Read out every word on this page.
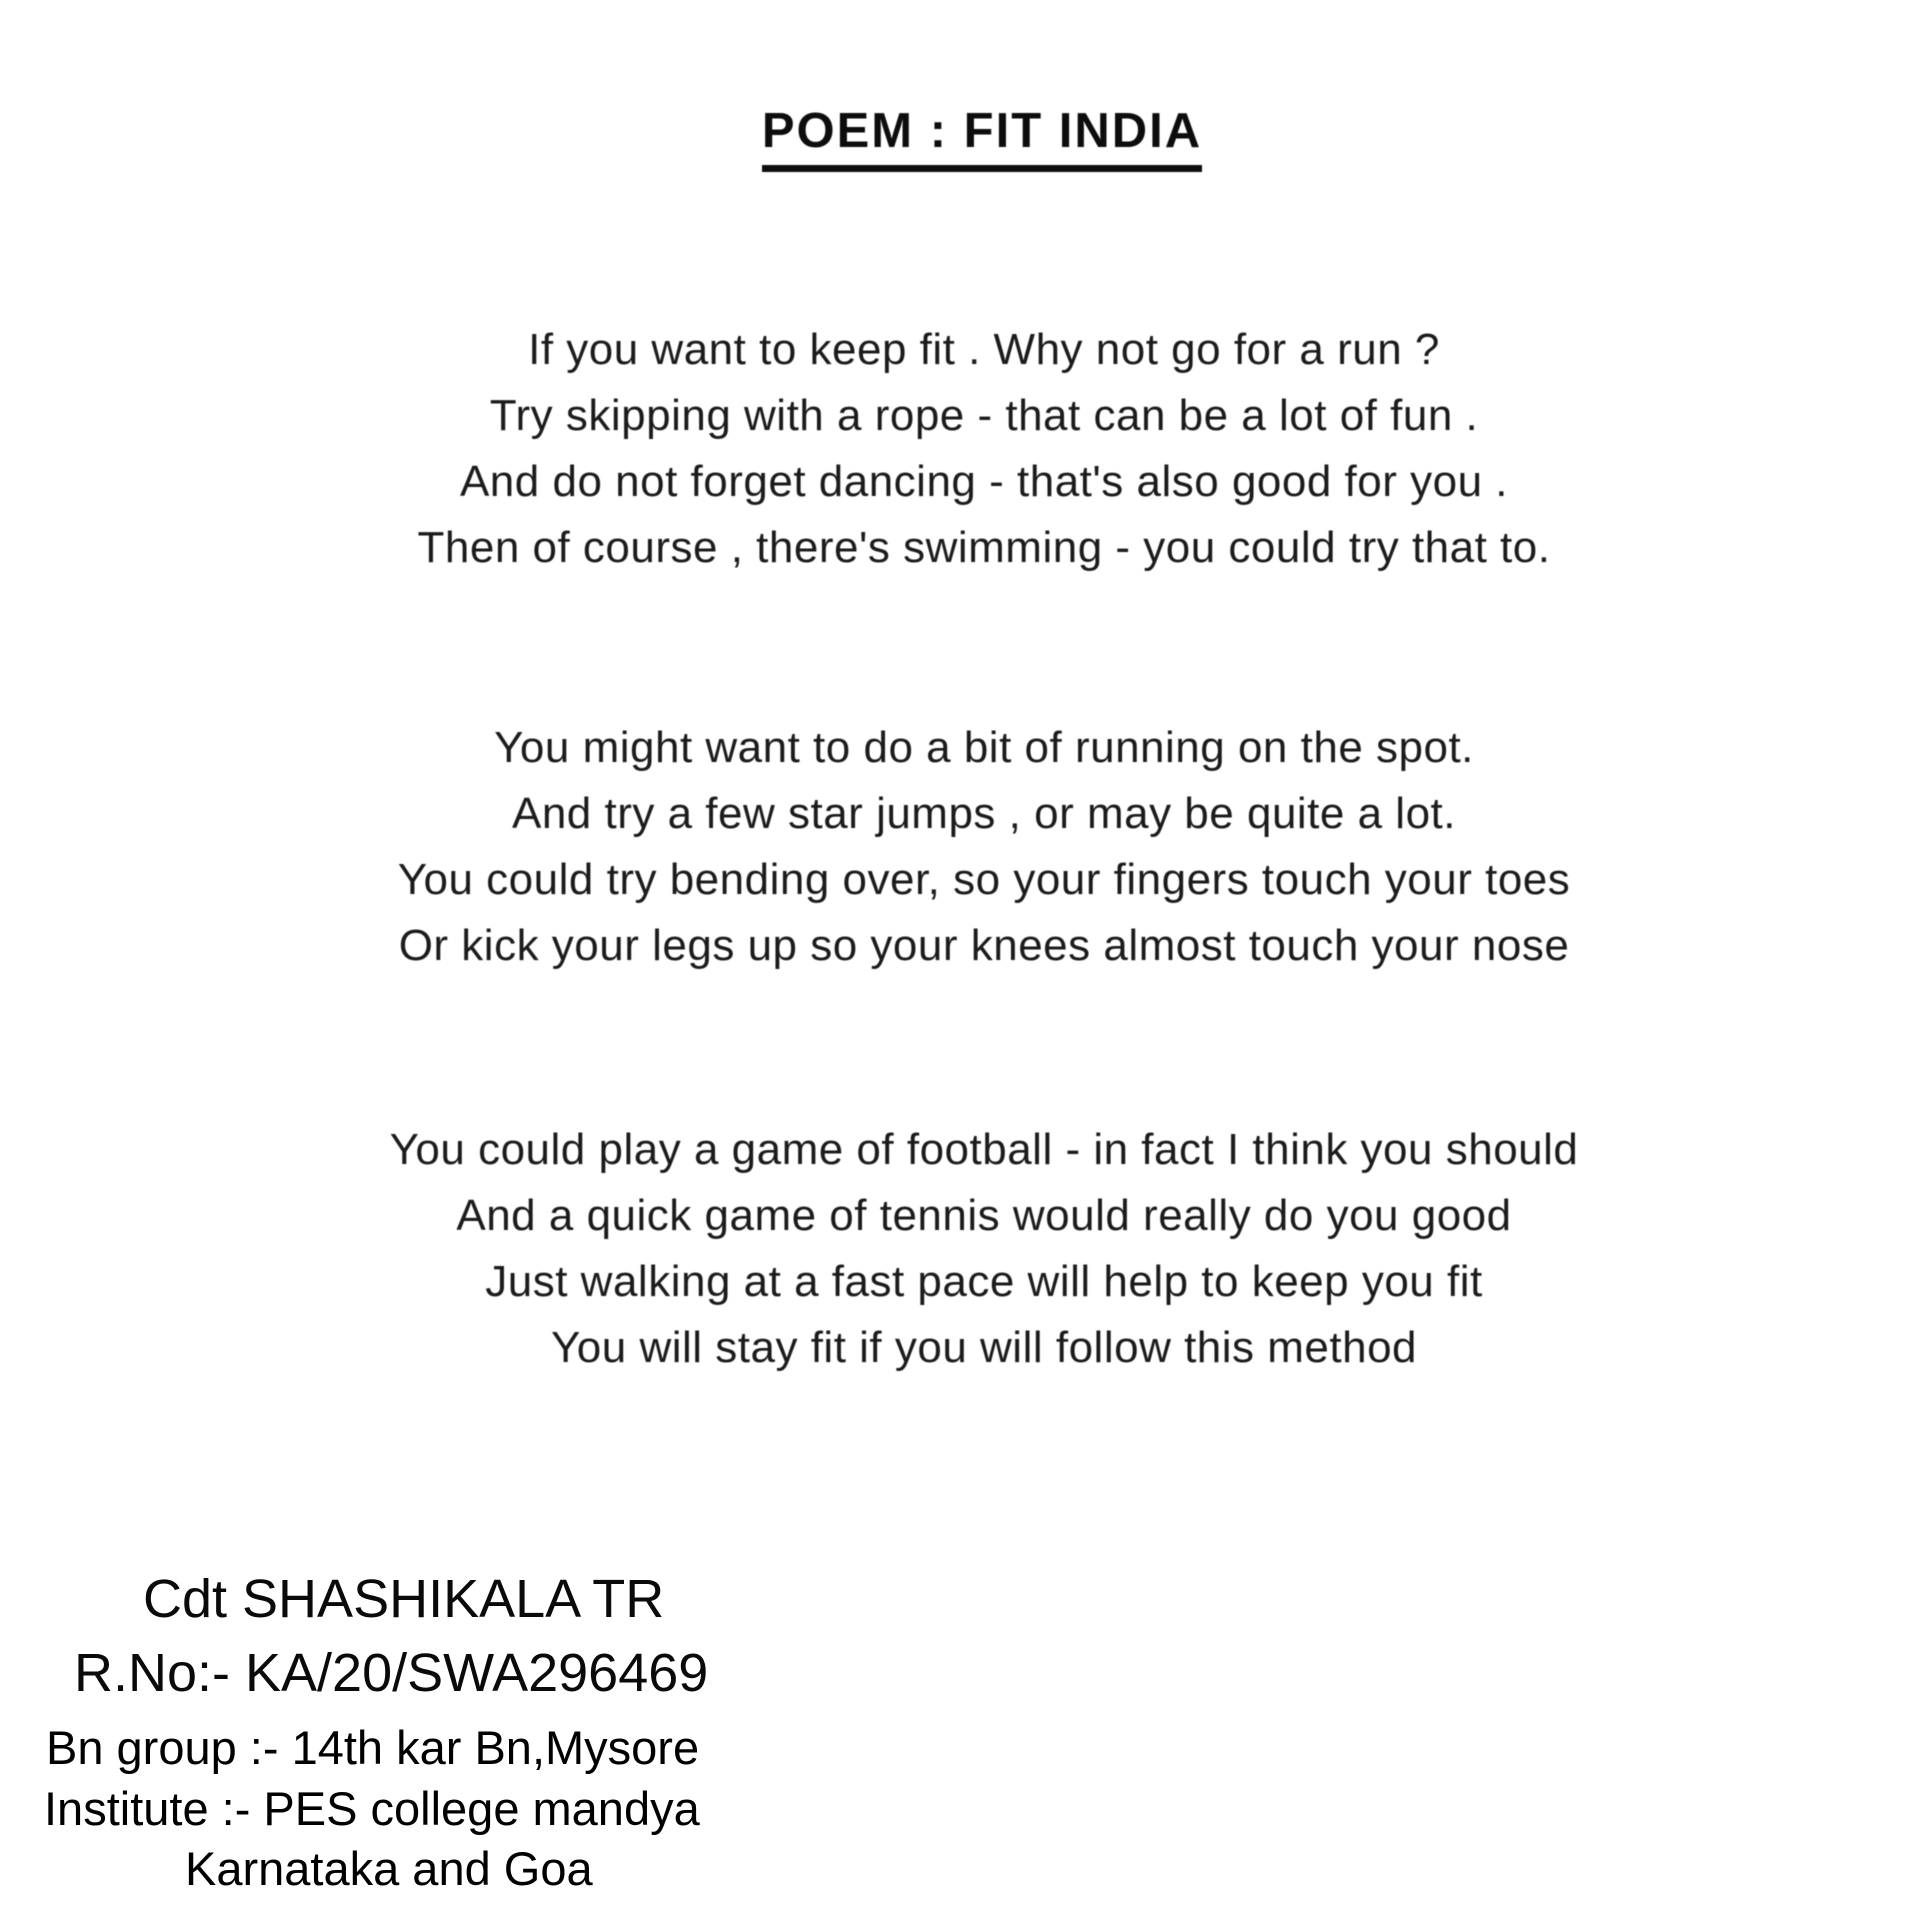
POEM : FIT INDIA
If you want to keep fit . Why not go for a run ?
Try skipping with a rope - that can be a lot of fun .
And do not forget dancing - that's also good for you .
Then of course , there's swimming - you could try that to.
You might want to do a bit of running on the spot.
And try a few star jumps , or may be quite a lot.
You could try bending over, so your fingers touch your toes
Or kick your legs up so your knees almost touch your nose
You could play a game of football - in fact I think you should
And a quick game of tennis would really do you good
Just walking at a fast pace will help to keep you fit
You will stay fit if you will follow this method
Cdt SHASHIKALA TR
R.No:- KA/20/SWA296469
Bn group :- 14th kar Bn,Mysore
Institute :- PES college mandya
Karnataka and Goa
